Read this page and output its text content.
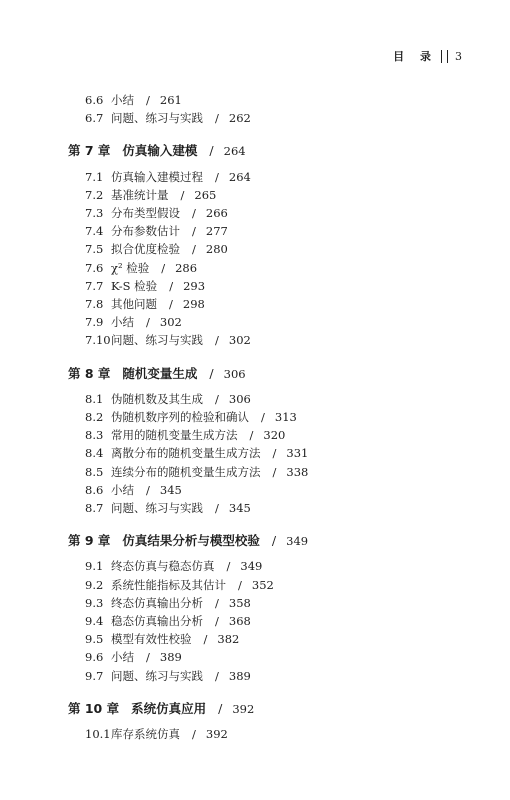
目 录 3
6.6 小结 / 261
6.7 问题、练习与实践 / 262
第 7 章 仿真输入建模 / 264
7.1 仿真输入建模过程 / 264
7.2 基准统计量 / 265
7.3 分布类型假设 / 266
7.4 分布参数估计 / 277
7.5 拟合优度检验 / 280
7.6 χ² 检验 / 286
7.7 K-S 检验 / 293
7.8 其他问题 / 298
7.9 小结 / 302
7.10问题、练习与实践 / 302
第 8 章 随机变量生成 / 306
8.1 伪随机数及其生成 / 306
8.2 伪随机数序列的检验和确认 / 313
8.3 常用的随机变量生成方法 / 320
8.4 离散分布的随机变量生成方法 / 331
8.5 连续分布的随机变量生成方法 / 338
8.6 小结 / 345
8.7 问题、练习与实践 / 345
第 9 章 仿真结果分析与模型校验 / 349
9.1 终态仿真与稳态仿真 / 349
9.2 系统性能指标及其估计 / 352
9.3 终态仿真输出分析 / 358
9.4 稳态仿真输出分析 / 368
9.5 模型有效性校验 / 382
9.6 小结 / 389
9.7 问题、练习与实践 / 389
第 10 章 系统仿真应用 / 392
10.1库存系统仿真 / 392
